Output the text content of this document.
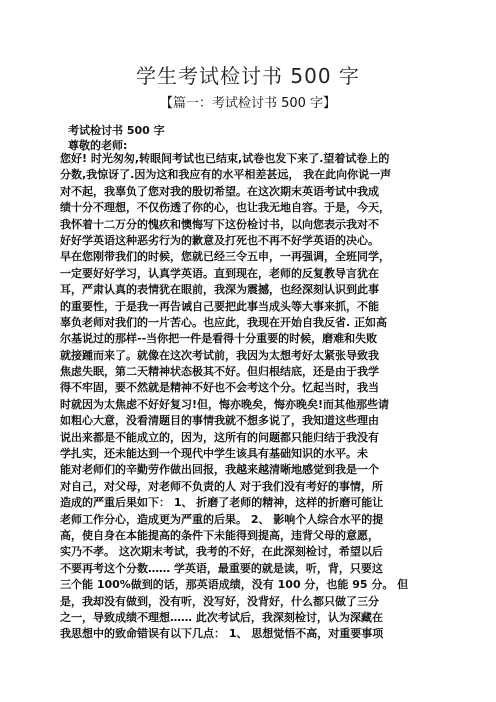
学生考试检讨书 500 字
【篇一：考试检讨书 500 字】
考试检讨书 500 字
尊敬的老师:
您好! 时光匆匆,转眼间考试也已结束,试卷也发下来了.望着试卷上的
分数,我惊讶了.因为这和我应有的水平相差甚远， 我在此向你说一声
对不起，我辜负了您对我的殷切希望。在这次期末英语考试中我成
绩十分不理想，不仅伤透了你的心，也让我无地自容。于是，今天，
我怀着十二万分的愧疚和懊悔写下这份检讨书，以向您表示我对不
好好学英语这种恶劣行为的歉意及打死也不再不好学英语的决心。
早在您刚带我们的时候，您就已经三令五申，一再强调，全班同学，
一定要好好学习，认真学英语。直到现在，老师的反复教导言犹在
耳，严肃认真的表情犹在眼前，我深为震撼，也经深刻认识到此事
的重要性，于是我一再告诫自己要把此事当成头等大事来抓，不能
辜负老师对我们的一片苦心。也应此，我现在开始自我反省. 正如高
尔基说过的那样--当你把一件是看得十分重要的时候，磨难和失败
就接踵而来了。就像在这次考试前，我因为太想考好太紧张导致我
焦虑失眠，第二天精神状态极其不好。但归根结底，还是由于我学
得不牢固，要不然就是精神不好也不会考这个分。忆起当时，我当
时就因为太焦虑不好好复习!但，悔亦晚矣，悔亦晚矣!而其他那些请
如粗心大意，没看清题目的事情我就不想多说了，我知道这些理由
说出来都是不能成立的，因为，这所有的问题都只能归结于我没有
学扎实，还未能达到一个现代中学生该具有基础知识的水平。未
能对老师们的辛勤劳作做出回报，我越来越清晰地感觉到我是一个
对自己，对父母，对老师不负责的人 对于我们没有考好的事情，所
造成的严重后果如下： 1、 折磨了老师的精神，这样的折磨可能让
老师工作分心，造成更为严重的后果。 2、 影响个人综合水平的提
高，使自身在本能提高的条件下未能得到提高，违背父母的意愿，
实乃不孝。 这次期末考试，我考的不好，在此深刻检讨，希望以后
不要再考这个分数…… 学英语，最重要的就是读，听，背，只要这
三个能 100%做到的话，那英语成绩，没有 100 分，也能 95 分。 但
是，我却没有做到，没有听，没写好，没背好，什么都只做了三分
之一，导致成绩不理想…… 此次考试后，我深刻检讨，认为深藏在
我思想中的致命错误有以下几点： 1、 思想觉悟不高，对重要事项
